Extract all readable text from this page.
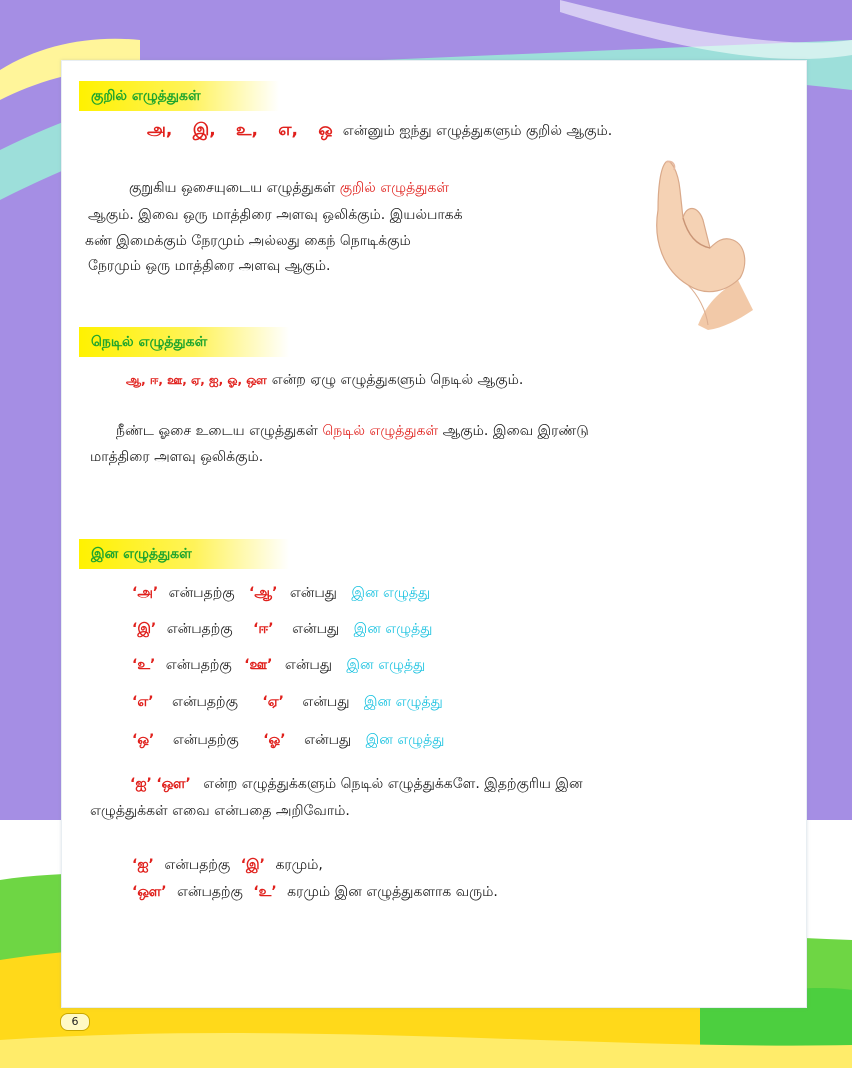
குறில் எழுத்துகள்
அ, இ, உ, எ, ஒ என்னும் ஐந்து எழுத்துகளும் குறில் ஆகும்.
குறுகிய ஒசையுடைய எழுத்துகள் குறில் எழுத்துகள்
ஆகும். இவை ஒரு மாத்திரை அளவு ஒலிக்கும். இயல்பாகக்
கண் இமைக்கும் நேரமும் அல்லது கைந் நொடிக்கும்
நேரமும் ஒரு மாத்திரை அளவு ஆகும்.
நெடில் எழுத்துகள்
ஆ, ஈ, ஊ, ஏ, ஐ, ஓ, ஔ என்ற ஏழு எழுத்துகளும் நெடில் ஆகும்.
நீண்ட ஓசை உடைய எழுத்துகள் நெடில் எழுத்துகள் ஆகும். இவை இரண்டு
மாத்திரை அளவு ஒலிக்கும்.
இன எழுத்துகள்
‘அ’ என்பதற்கு ‘ஆ’ என்பது இன எழுத்து
‘இ’ என்பதற்கு ‘ஈ’ என்பது இன எழுத்து
‘உ’ என்பதற்கு ‘ஊ’ என்பது இன எழுத்து
‘எ’ என்பதற்கு ‘ஏ’ என்பது இன எழுத்து
‘ஒ’ என்பதற்கு ‘ஓ’ என்பது இன எழுத்து
‘ஐ’ ‘ஔ’ என்ற எழுத்துக்களும் நெடில் எழுத்துக்களே. இதற்குரிய இன
எழுத்துக்கள் எவை என்பதை அறிவோம்.
‘ஐ’ என்பதற்கு ‘இ’ கரமும்,
‘ஔ’ என்பதற்கு ‘உ’ கரமும் இன எழுத்துகளாக வரும்.
6
